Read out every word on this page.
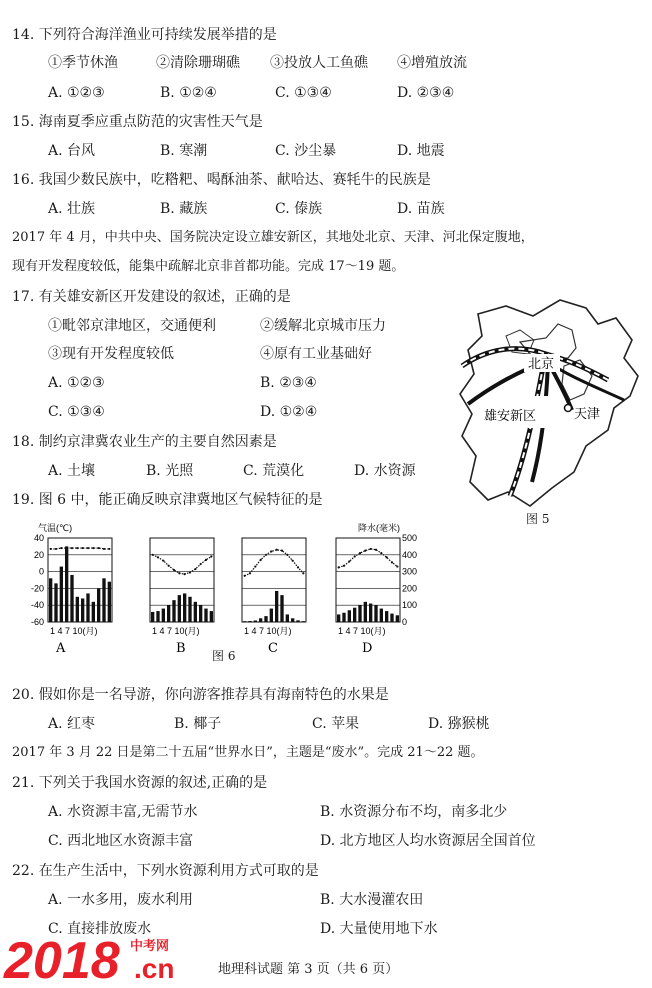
14. 下列符合海洋渔业可持续发展举措的是
①季节休渔	②清除珊瑚礁 ③投放人工鱼礁 ④增殖放流
A. ①②③	B. ①②④	C. ①③④	D. ②③④
15. 海南夏季应重点防范的灾害性天气是
A. 台风	B. 寒潮	C. 沙尘暴	D. 地震
16. 我国少数民族中，吃糌粑、喝酥油茶、献哈达、赛牦牛的民族是
A. 壮族	B. 藏族	C. 傣族	D. 苗族
2017 年 4 月，中共中央、国务院决定设立雄安新区，其地处北京、天津、河北保定腹地，
现有开发程度较低，能集中疏解北京非首都功能。完成 17～19 题。
17. 有关雄安新区开发建设的叙述，正确的是
①毗邻京津地区，交通便利	②缓解北京城市压力
③现有开发程度较低	④原有工业基础好
A. ①②③	B. ②③④
C. ①③④	D. ①②④
18. 制约京津冀农业生产的主要自然因素是
A. 土壤	B. 光照	C. 荒漠化	D. 水资源
19. 图 6 中，能正确反映京津冀地区气候特征的是
北京
天津
雄安新区
图 5
气温(℃)	降水(毫米)
40
20
0
-20
-40
-60
500
400
300
200
100
0
1 4 7 10(月)
A
1 4 7 10(月)
B
1 4 7 10(月)
C
1 4 7 10(月)
D
图 6
20. 假如你是一名导游，你向游客推荐具有海南特色的水果是
A. 红枣	B. 椰子	C. 苹果	D. 猕猴桃
2017 年 3 月 22 日是第二十五届“世界水日”，主题是“废水”。完成 21～22 题。
21. 下列关于我国水资源的叙述,正确的是
A. 水资源丰富,无需节水	B. 水资源分布不均，南多北少
C. 西北地区水资源丰富	D. 北方地区人均水资源居全国首位
22. 在生产生活中，下列水资源利用方式可取的是
A. 一水多用，废水利用	B. 大水漫灌农田
C. 直接排放废水	D. 大量使用地下水
2018 中考网
.cn	地理科试题 第 3 页（共 6 页）
